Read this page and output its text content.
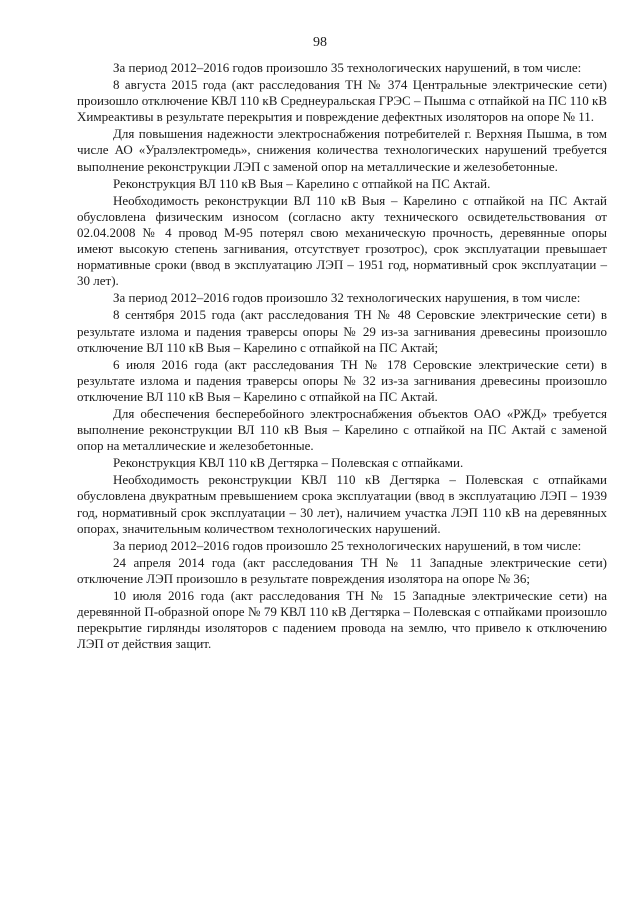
98

За период 2012–2016 годов произошло 35 технологических нарушений, в том числе:

8 августа 2015 года (акт расследования ТН № 374 Центральные электрические сети) произошло отключение КВЛ 110 кВ Среднеуральская ГРЭС – Пышма с отпайкой на ПС 110 кВ Химреактивы в результате перекрытия и повреждение дефектных изоляторов на опоре № 11.

Для повышения надежности электроснабжения потребителей г. Верхняя Пышма, в том числе АО «Уралэлектромедь», снижения количества технологических нарушений требуется выполнение реконструкции ЛЭП с заменой опор на металлические и железобетонные.

Реконструкция ВЛ 110 кВ Выя – Карелино с отпайкой на ПС Актай.

Необходимость реконструкции ВЛ 110 кВ Выя – Карелино с отпайкой на ПС Актай обусловлена физическим износом (согласно акту технического освидетельствования от 02.04.2008 № 4 провод М-95 потерял свою механическую прочность, деревянные опоры имеют высокую степень загнивания, отсутствует грозотрос), срок эксплуатации превышает нормативные сроки (ввод в эксплуатацию ЛЭП – 1951 год, нормативный срок эксплуатации – 30 лет).

За период 2012–2016 годов произошло 32 технологических нарушения, в том числе:

8 сентября 2015 года (акт расследования ТН № 48 Серовские электрические сети) в результате излома и падения траверсы опоры № 29 из-за загнивания древесины произошло отключение ВЛ 110 кВ Выя – Карелино с отпайкой на ПС Актай;

6 июля 2016 года (акт расследования ТН № 178 Серовские электрические сети) в результате излома и падения траверсы опоры № 32 из-за загнивания древесины произошло отключение ВЛ 110 кВ Выя – Карелино с отпайкой на ПС Актай.

Для обеспечения бесперебойного электроснабжения объектов ОАО «РЖД» требуется выполнение реконструкции ВЛ 110 кВ Выя – Карелино с отпайкой на ПС Актай с заменой опор на металлические и железобетонные.

Реконструкция КВЛ 110 кВ Дегтярка – Полевская с отпайками.

Необходимость реконструкции КВЛ 110 кВ Дегтярка – Полевская с отпайками обусловлена двукратным превышением срока эксплуатации (ввод в эксплуатацию ЛЭП – 1939 год, нормативный срок эксплуатации – 30 лет), наличием участка ЛЭП 110 кВ на деревянных опорах, значительным количеством технологических нарушений.

За период 2012–2016 годов произошло 25 технологических нарушений, в том числе:

24 апреля 2014 года (акт расследования ТН № 11 Западные электрические сети) отключение ЛЭП произошло в результате повреждения изолятора на опоре № 36;

10 июля 2016 года (акт расследования ТН № 15 Западные электрические сети) на деревянной П-образной опоре № 79 КВЛ 110 кВ Дегтярка – Полевская с отпайками произошло перекрытие гирлянды изоляторов с падением провода на землю, что привело к отключению ЛЭП от действия защит.
